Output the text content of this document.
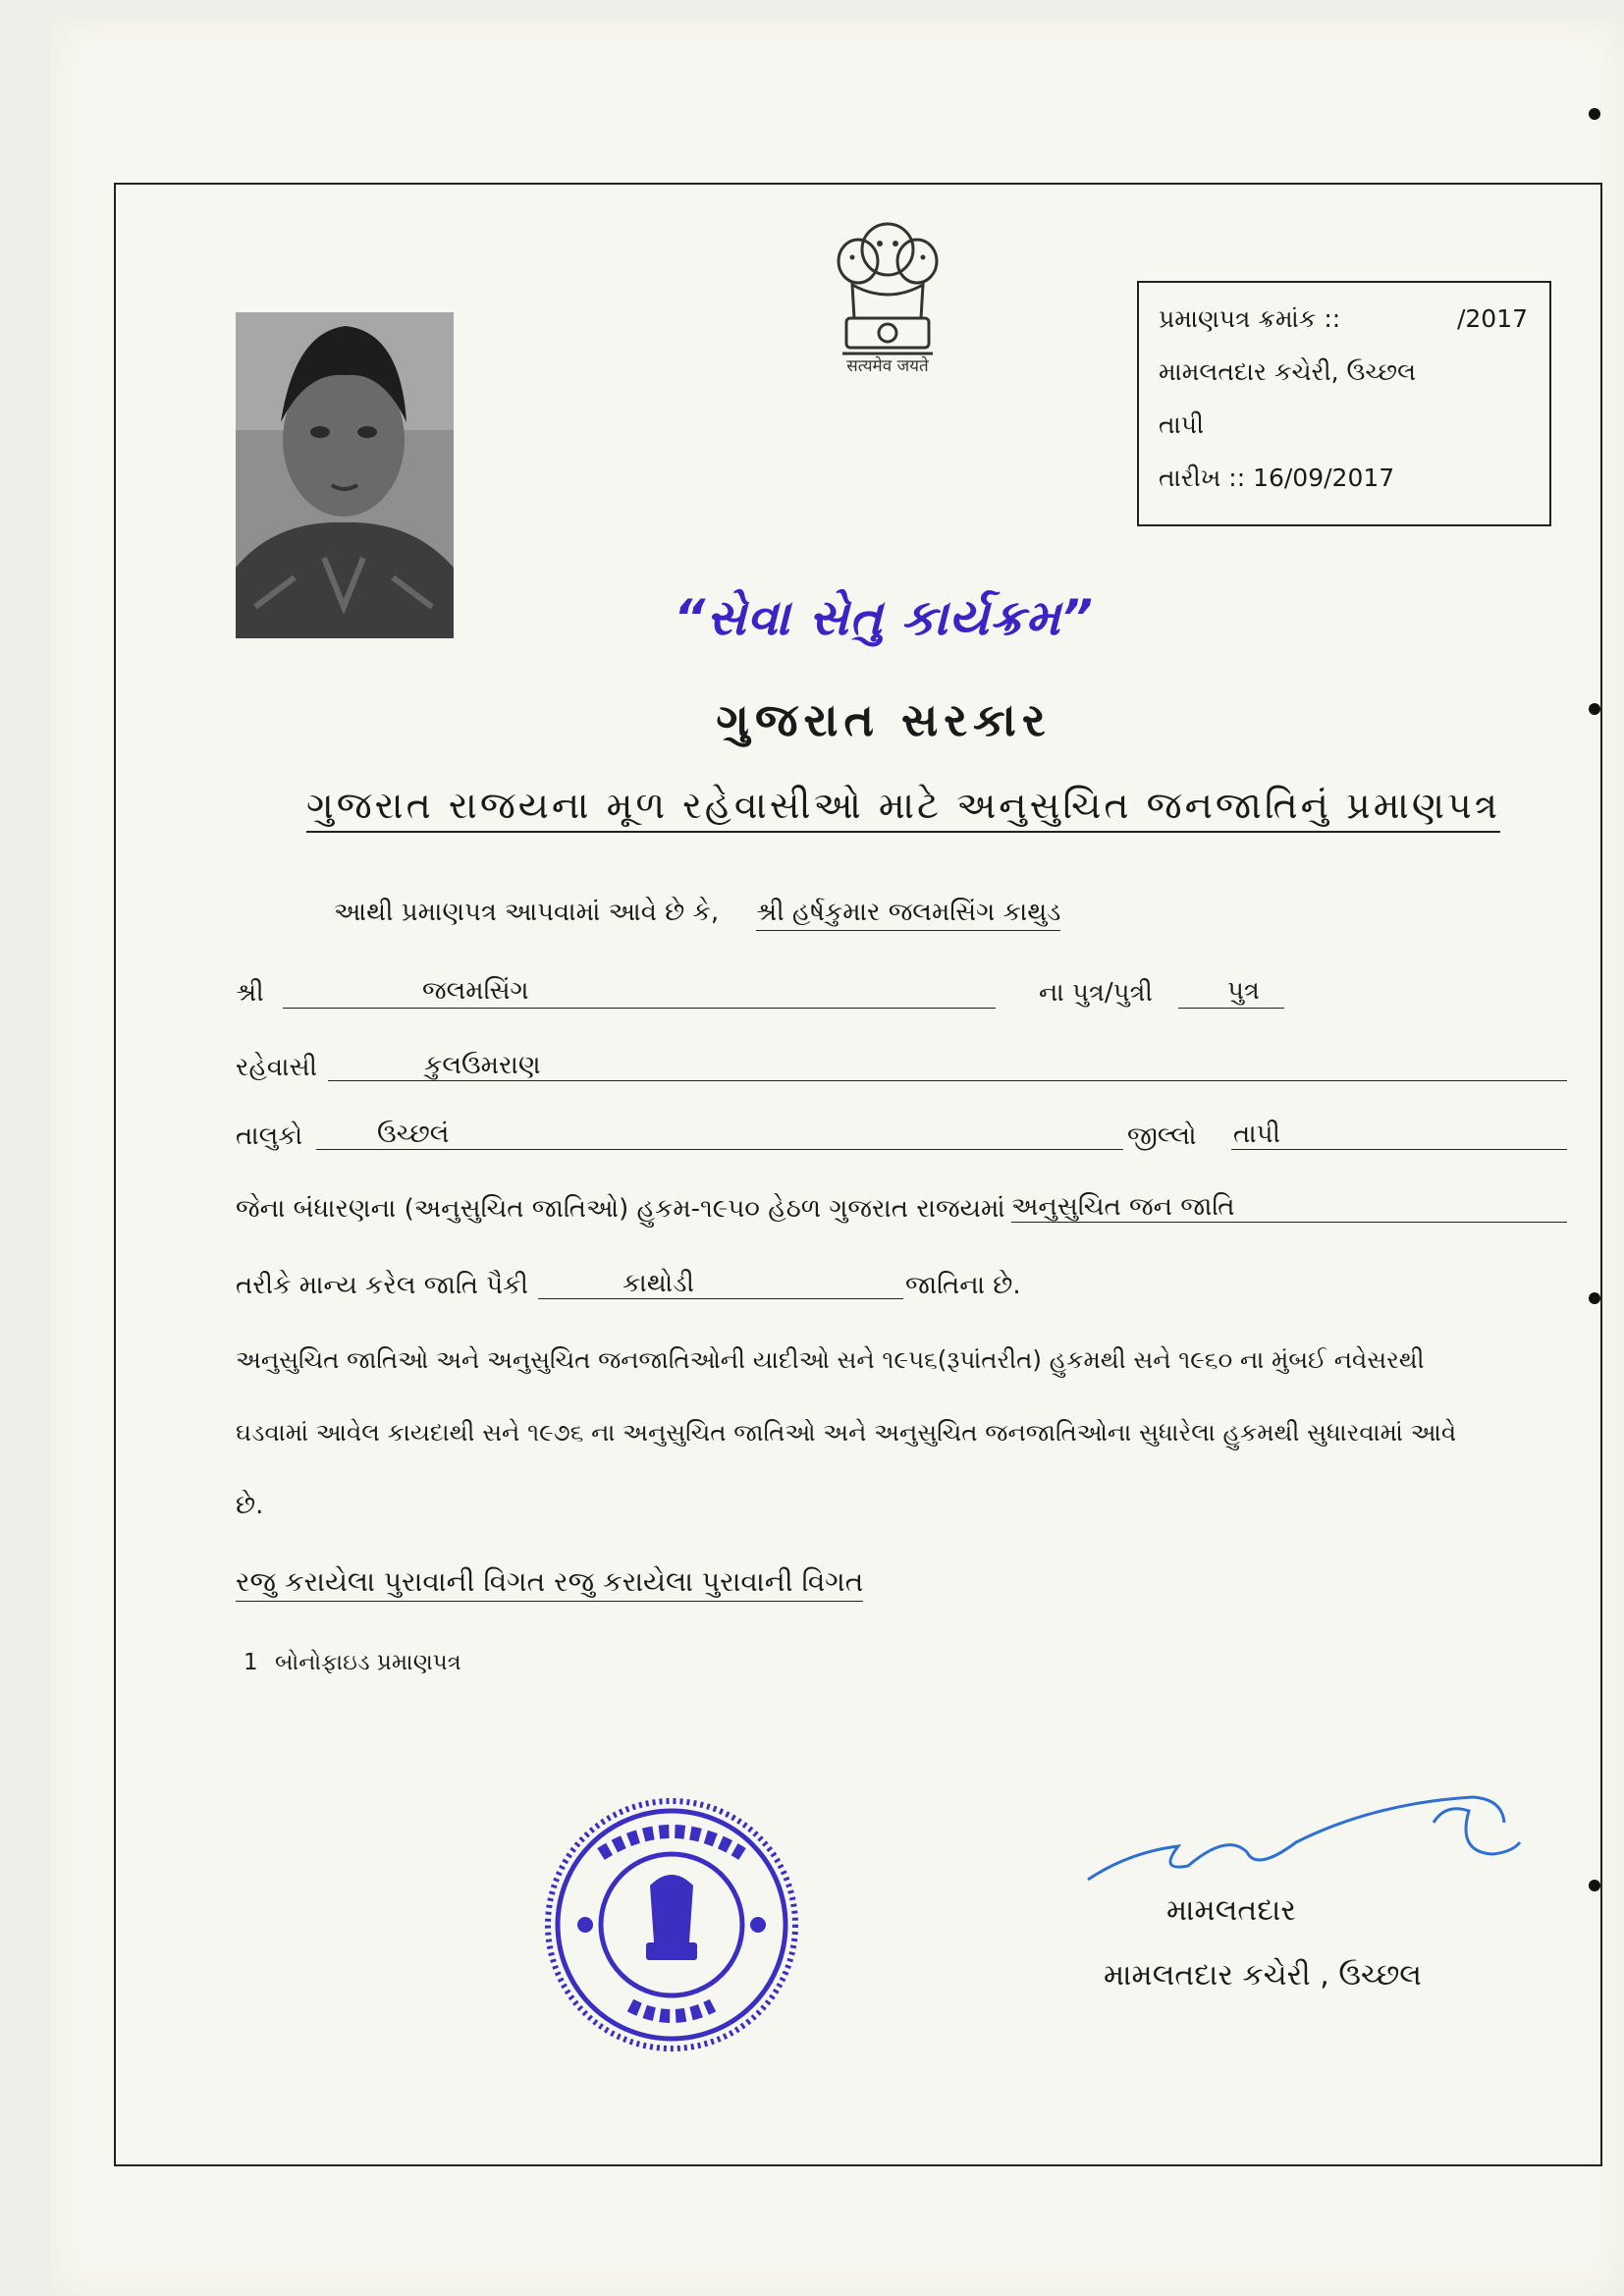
सत्यमेव जयते
પ્રમાણપત્ર ક્રમાંક ::	/2017
મામલતદાર કચેરી, ઉચ્છલ
તાપી
તારીખ :: 16/09/2017
“સેવા સેતુ કાર્યક્રમ”
ગુજરાત સરકાર
ગુજરાત રાજયના મૂળ રહેવાસીઓ માટે અનુસુચિત જનજાતિનું પ્રમાણપત્ર
આથી પ્રમાણપત્ર આપવામાં આવે છે કે, શ્રી હર્ષકુમાર જલમસિંગ કાથુડ
શ્રી	જલમસિંગ	ના પુત્ર/પુત્રી	પુત્ર
રહેવાસી	કુલઉમરાણ
તાલુકો	ઉચ્છલં	જીલ્લો તાપી
જેના બંધારણના (અનુસુચિત જાતિઓ) હુકમ-૧૯૫૦ હેઠળ ગુજરાત રાજયમાં અનુસુચિત જન જાતિ
તરીકે માન્ય કરેલ જાતિ પૈકી	કાથોડી	જાતિના છે.
અનુસુચિત જાતિઓ અને અનુસુચિત જનજાતિઓની યાદીઓ સને ૧૯૫૬(રૂપાંતરીત) હુકમથી સને ૧૯૬૦ ના મુંબઈ નવેસરથી
ઘડવામાં આવેલ કાયદાથી સને ૧૯૭૬ ના અનુસુચિત જાતિઓ અને અનુસુચિત જનજાતિઓના સુધારેલા હુકમથી સુધારવામાં આવે
છે.
રજુ કરાયેલા પુરાવાની વિગત રજુ કરાયેલા પુરાવાની વિગત
1 બોનોફાઇડ પ્રમાણપત્ર
મામલતદાર
મામલતદાર કચેરી , ઉચ્છલ
